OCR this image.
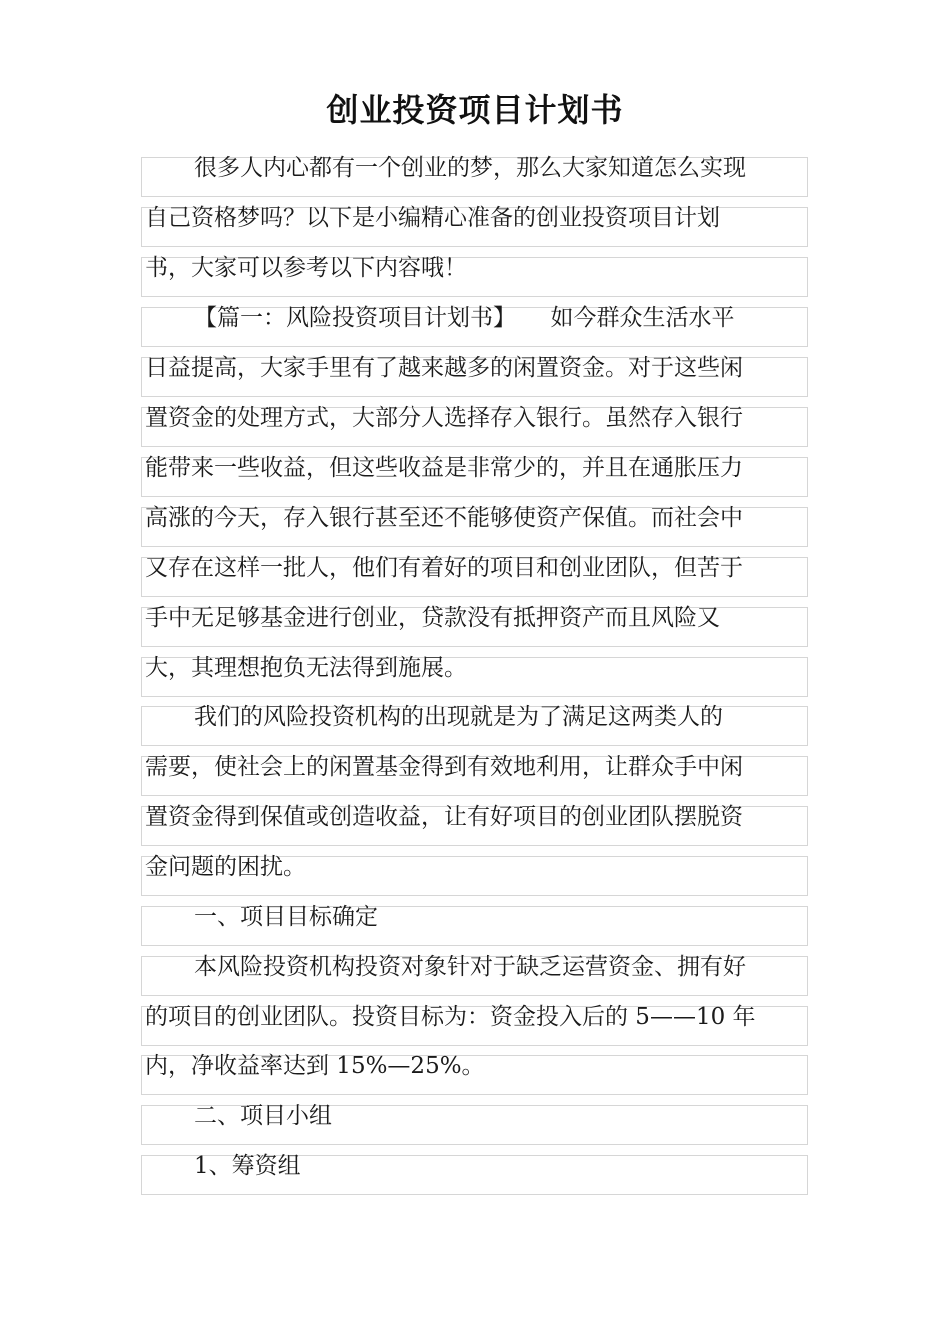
创业投资项目计划书
很多人内心都有一个创业的梦，那么大家知道怎么实现
自己资格梦吗？以下是小编精心准备的创业投资项目计划
书，大家可以参考以下内容哦！
【篇一：风险投资项目计划书】　　如今群众生活水平
日益提高，大家手里有了越来越多的闲置资金。对于这些闲
置资金的处理方式，大部分人选择存入银行。虽然存入银行
能带来一些收益，但这些收益是非常少的，并且在通胀压力
高涨的今天，存入银行甚至还不能够使资产保值。而社会中
又存在这样一批人，他们有着好的项目和创业团队，但苦于
手中无足够基金进行创业，贷款没有抵押资产而且风险又
大，其理想抱负无法得到施展。
我们的风险投资机构的出现就是为了满足这两类人的
需要，使社会上的闲置基金得到有效地利用，让群众手中闲
置资金得到保值或创造收益，让有好项目的创业团队摆脱资
金问题的困扰。
一、项目目标确定
本风险投资机构投资对象针对于缺乏运营资金、拥有好
的项目的创业团队。投资目标为：资金投入后的 5——10 年
内，净收益率达到 15%—25%。
二、项目小组
1、筹资组
